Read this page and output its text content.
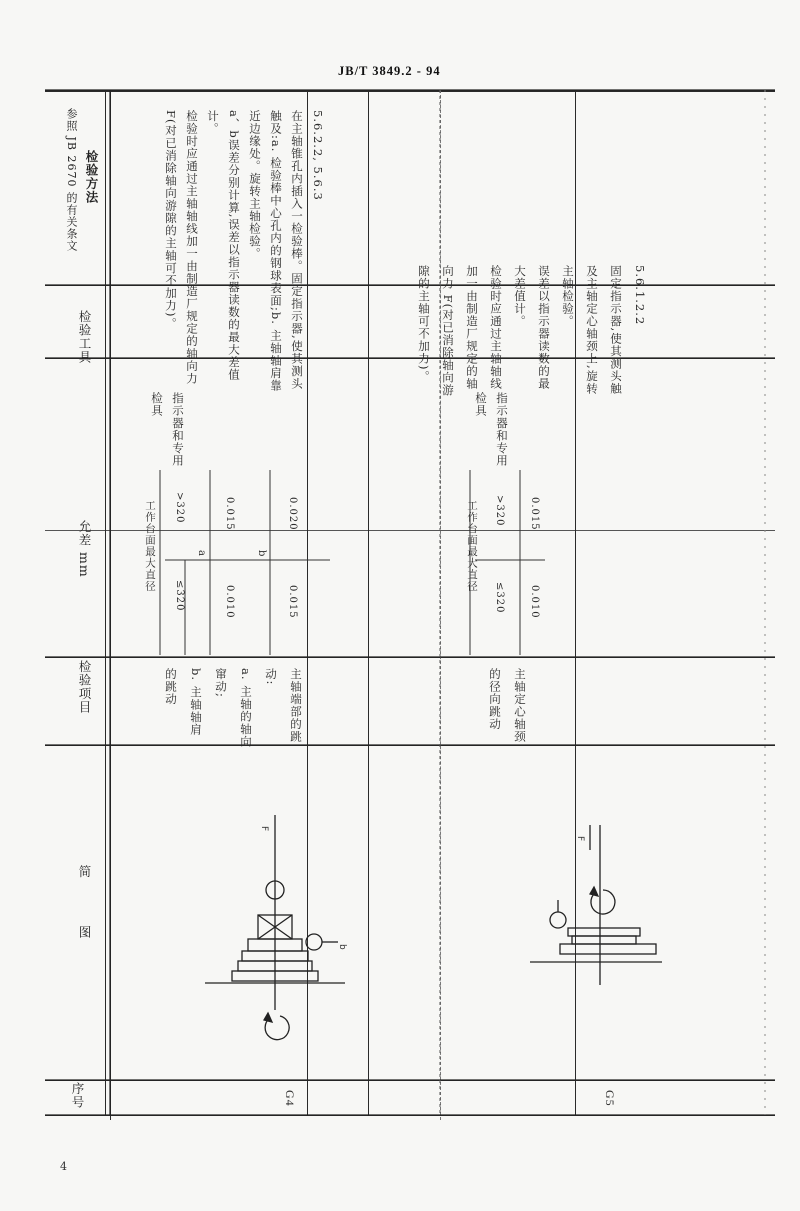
JB/T 3849.2 - 94
检验方法
参照 JB 2670 的有关条文
检验工具
允差 mm
检验项目
简 图
序号
5.6.2.2, 5.6.3
在主轴锥孔内插入一检验棒。固定指示器,使其测头触及:a. 检验棒中心孔内的钢球表面;b. 主轴轴肩靠近边缘处。旋转主轴检验。
a、b误差分别计算,误差以指示器读数的最大差值计。
检验时应通过主轴轴线加一由制造厂规定的轴向力 F(对已消除轴向游隙的主轴可不加力)。
指示器和专用检具
工作台面最大直径
≤320
>320
a
0.010
0.015
b
0.015
0.020
主轴端部的跳动:
a. 主轴的轴向窜动;
b. 主轴轴肩的跳动
G4
5.6.1.2.2
固定指示器,使其测头触及主轴定心轴颈上,旋转主轴检验。
误差以指示器读数的最大差值计。
检验时应通过主轴轴线加一由制造厂规定的轴向力 F(对已消除轴向游隙的主轴可不加力)。
指示器和专用检具
工作台面最大直径
≤320
>320
0.010
0.015
主轴定心轴颈的径向跳动
G5
F
b
F
4
